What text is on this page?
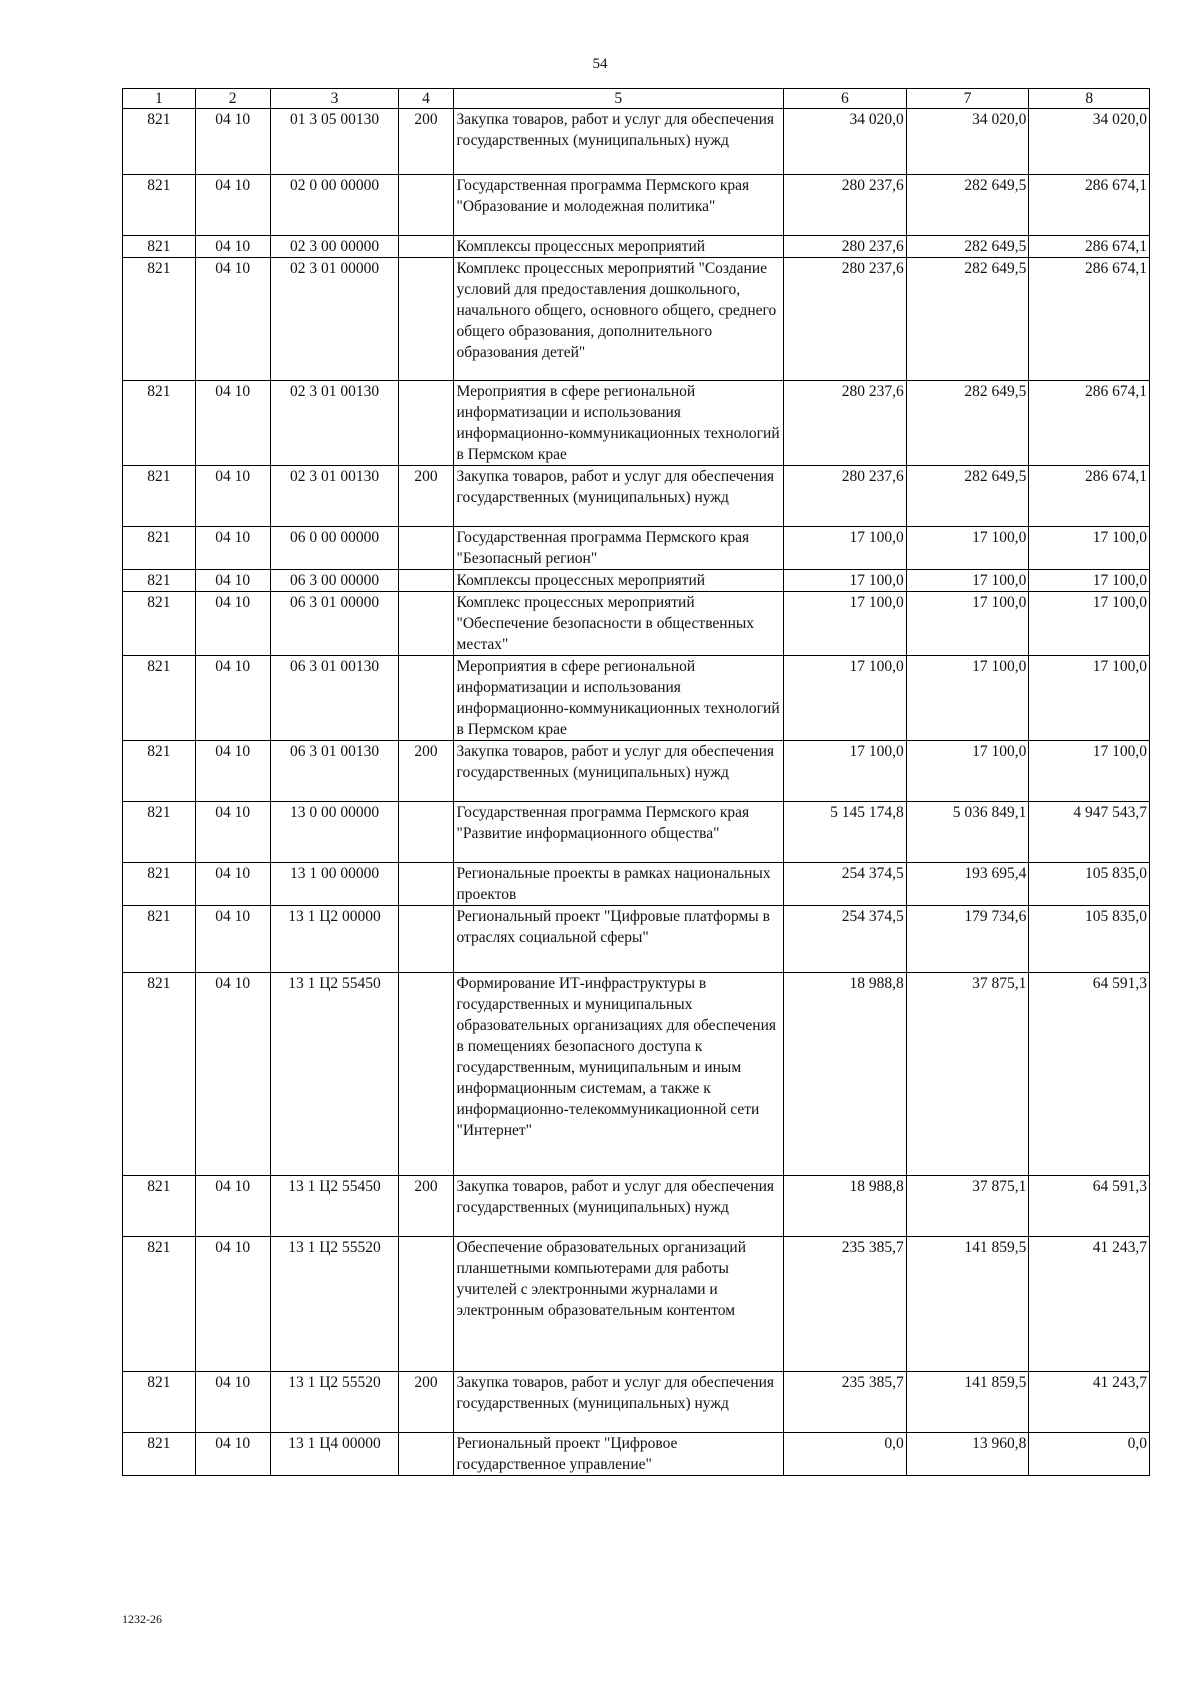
54
1	2	3	4	5	6	7	8
821	04 10	01 3 05 00130	200	Закупка товаров, работ и услуг для обеспечения государственных (муниципальных) нужд	34 020,0	34 020,0	34 020,0
821	04 10	02 0 00 00000		Государственная программа Пермского края "Образование и молодежная политика"	280 237,6	282 649,5	286 674,1
821	04 10	02 3 00 00000		Комплексы процессных мероприятий	280 237,6	282 649,5	286 674,1
821	04 10	02 3 01 00000		Комплекс процессных мероприятий "Создание условий для предоставления дошкольного, начального общего, основного общего, среднего общего образования, дополнительного образования детей"	280 237,6	282 649,5	286 674,1
821	04 10	02 3 01 00130		Мероприятия в сфере региональной информатизации и использования информационно-коммуникационных технологий в Пермском крае	280 237,6	282 649,5	286 674,1
821	04 10	02 3 01 00130	200	Закупка товаров, работ и услуг для обеспечения государственных (муниципальных) нужд	280 237,6	282 649,5	286 674,1
821	04 10	06 0 00 00000		Государственная программа Пермского края "Безопасный регион"	17 100,0	17 100,0	17 100,0
821	04 10	06 3 00 00000		Комплексы процессных мероприятий	17 100,0	17 100,0	17 100,0
821	04 10	06 3 01 00000		Комплекс процессных мероприятий "Обеспечение безопасности в общественных местах"	17 100,0	17 100,0	17 100,0
821	04 10	06 3 01 00130		Мероприятия в сфере региональной информатизации и использования информационно-коммуникационных технологий в Пермском крае	17 100,0	17 100,0	17 100,0
821	04 10	06 3 01 00130	200	Закупка товаров, работ и услуг для обеспечения государственных (муниципальных) нужд	17 100,0	17 100,0	17 100,0
821	04 10	13 0 00 00000		Государственная программа Пермского края "Развитие информационного общества"	5 145 174,8	5 036 849,1	4 947 543,7
821	04 10	13 1 00 00000		Региональные проекты в рамках национальных проектов	254 374,5	193 695,4	105 835,0
821	04 10	13 1 Ц2 00000		Региональный проект "Цифровые платформы в отраслях социальной сферы"	254 374,5	179 734,6	105 835,0
821	04 10	13 1 Ц2 55450		Формирование ИТ-инфраструктуры в государственных и муниципальных образовательных организациях для обеспечения в помещениях безопасного доступа к государственным, муниципальным и иным информационным системам, а также к информационно-телекоммуникационной сети "Интернет"	18 988,8	37 875,1	64 591,3
821	04 10	13 1 Ц2 55450	200	Закупка товаров, работ и услуг для обеспечения государственных (муниципальных) нужд	18 988,8	37 875,1	64 591,3
821	04 10	13 1 Ц2 55520		Обеспечение образовательных организаций планшетными компьютерами для работы учителей с электронными журналами и электронным образовательным контентом	235 385,7	141 859,5	41 243,7
821	04 10	13 1 Ц2 55520	200	Закупка товаров, работ и услуг для обеспечения государственных (муниципальных) нужд	235 385,7	141 859,5	41 243,7
821	04 10	13 1 Ц4 00000		Региональный проект "Цифровое государственное управление"	0,0	13 960,8	0,0
1232-26
